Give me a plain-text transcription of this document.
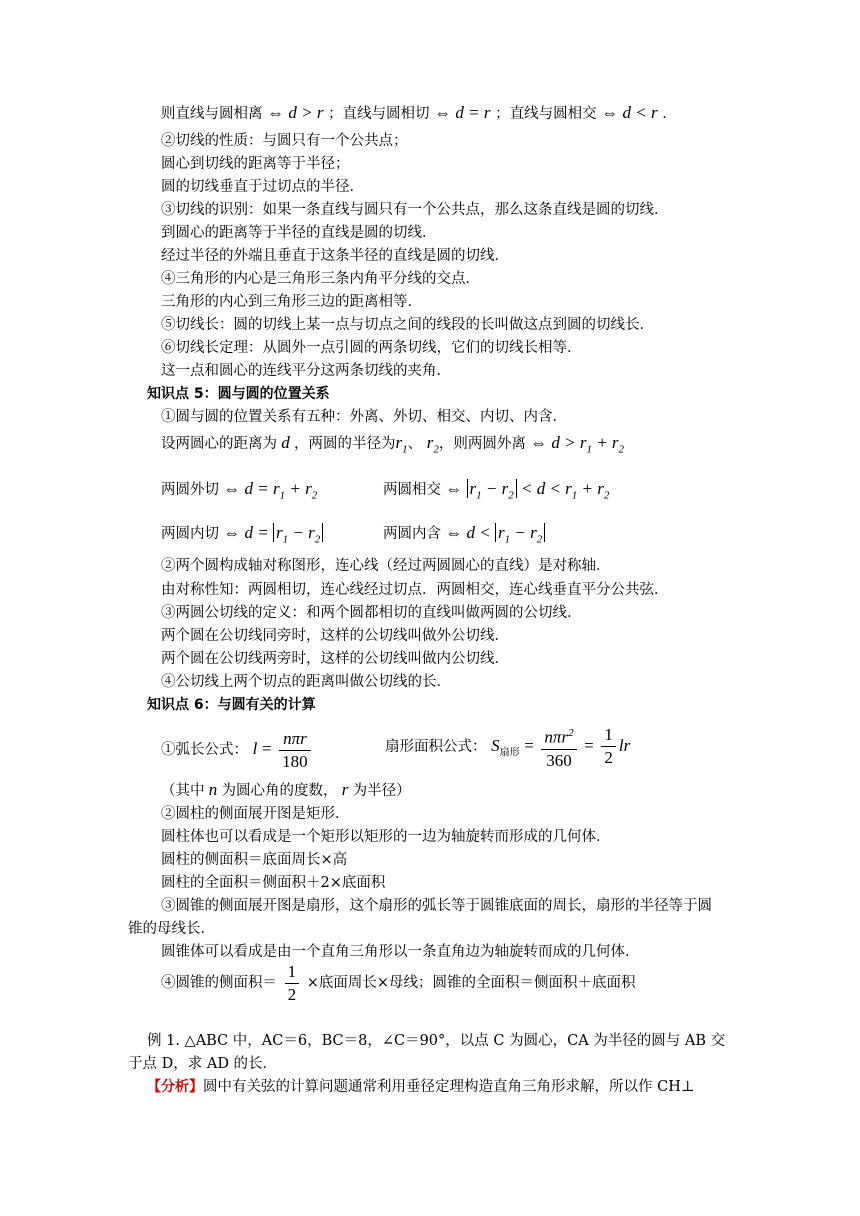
则直线与圆相离 ⇔ d > r ；直线与圆相切 ⇔ d = r ；直线与圆相交 ⇔ d < r ．
②切线的性质：与圆只有一个公共点；
圆心到切线的距离等于半径；
圆的切线垂直于过切点的半径．
③切线的识别：如果一条直线与圆只有一个公共点，那么这条直线是圆的切线．
到圆心的距离等于半径的直线是圆的切线．
经过半径的外端且垂直于这条半径的直线是圆的切线．
④三角形的内心是三角形三条内角平分线的交点．
三角形的内心到三角形三边的距离相等．
⑤切线长：圆的切线上某一点与切点之间的线段的长叫做这点到圆的切线长．
⑥切线长定理：从圆外一点引圆的两条切线，它们的切线长相等．
这一点和圆心的连线平分这两条切线的夹角．
知识点 5：圆与圆的位置关系
①圆与圆的位置关系有五种：外离、外切、相交、内切、内含．
设两圆心的距离为 d ，两圆的半径为$r_1$、 $r_2$，则两圆外离 ⇔ $d > r_1 + r_2$
两圆外切 ⇔ $d = r_1 + r_2$	两圆相交 ⇔ $r_1 - r_2 < d < r_1 + r_2$
两圆内切 ⇔ $d = r_1 - r_2$	两圆内含 ⇔ $d < r_1 - r_2$
②两个圆构成轴对称图形，连心线（经过两圆圆心的直线）是对称轴．
由对称性知：两圆相切，连心线经过切点．两圆相交，连心线垂直平分公共弦．
③两圆公切线的定义：和两个圆都相切的直线叫做两圆的公切线．
两个圆在公切线同旁时，这样的公切线叫做外公切线．
两个圆在公切线两旁时，这样的公切线叫做内公切线．
④公切线上两个切点的距离叫做公切线的长．
知识点 6：与圆有关的计算
①弧长公式： $l = \frac{\text{nπr}}{180}$	扇形面积公式： $S_{扇形} = \frac{n\pi r^2}{360} = \frac{1}{2}$ lr
（其中 n 为圆心角的度数， r 为半径）
②圆柱的侧面展开图是矩形．
圆柱体也可以看成是一个矩形以矩形的一边为轴旋转而形成的几何体．
圆柱的侧面积＝底面周长×高
圆柱的全面积＝侧面积＋2×底面积
③圆锥的侧面展开图是扇形，这个扇形的弧长等于圆锥底面的周长，扇形的半径等于圆
锥的母线长．
圆锥体可以看成是由一个直角三角形以一条直角边为轴旋转而成的几何体．
④圆锥的侧面积＝ $\frac{1}{2}$ ×底面周长×母线；圆锥的全面积＝侧面积＋底面积
例 1. △ABC 中，AC＝6，BC＝8，∠C＝90°，以点 C 为圆心，CA 为半径的圆与 AB 交
于点 D，求 AD 的长．
【分析】圆中有关弦的计算问题通常利用垂径定理构造直角三角形求解，所以作 CH⊥
